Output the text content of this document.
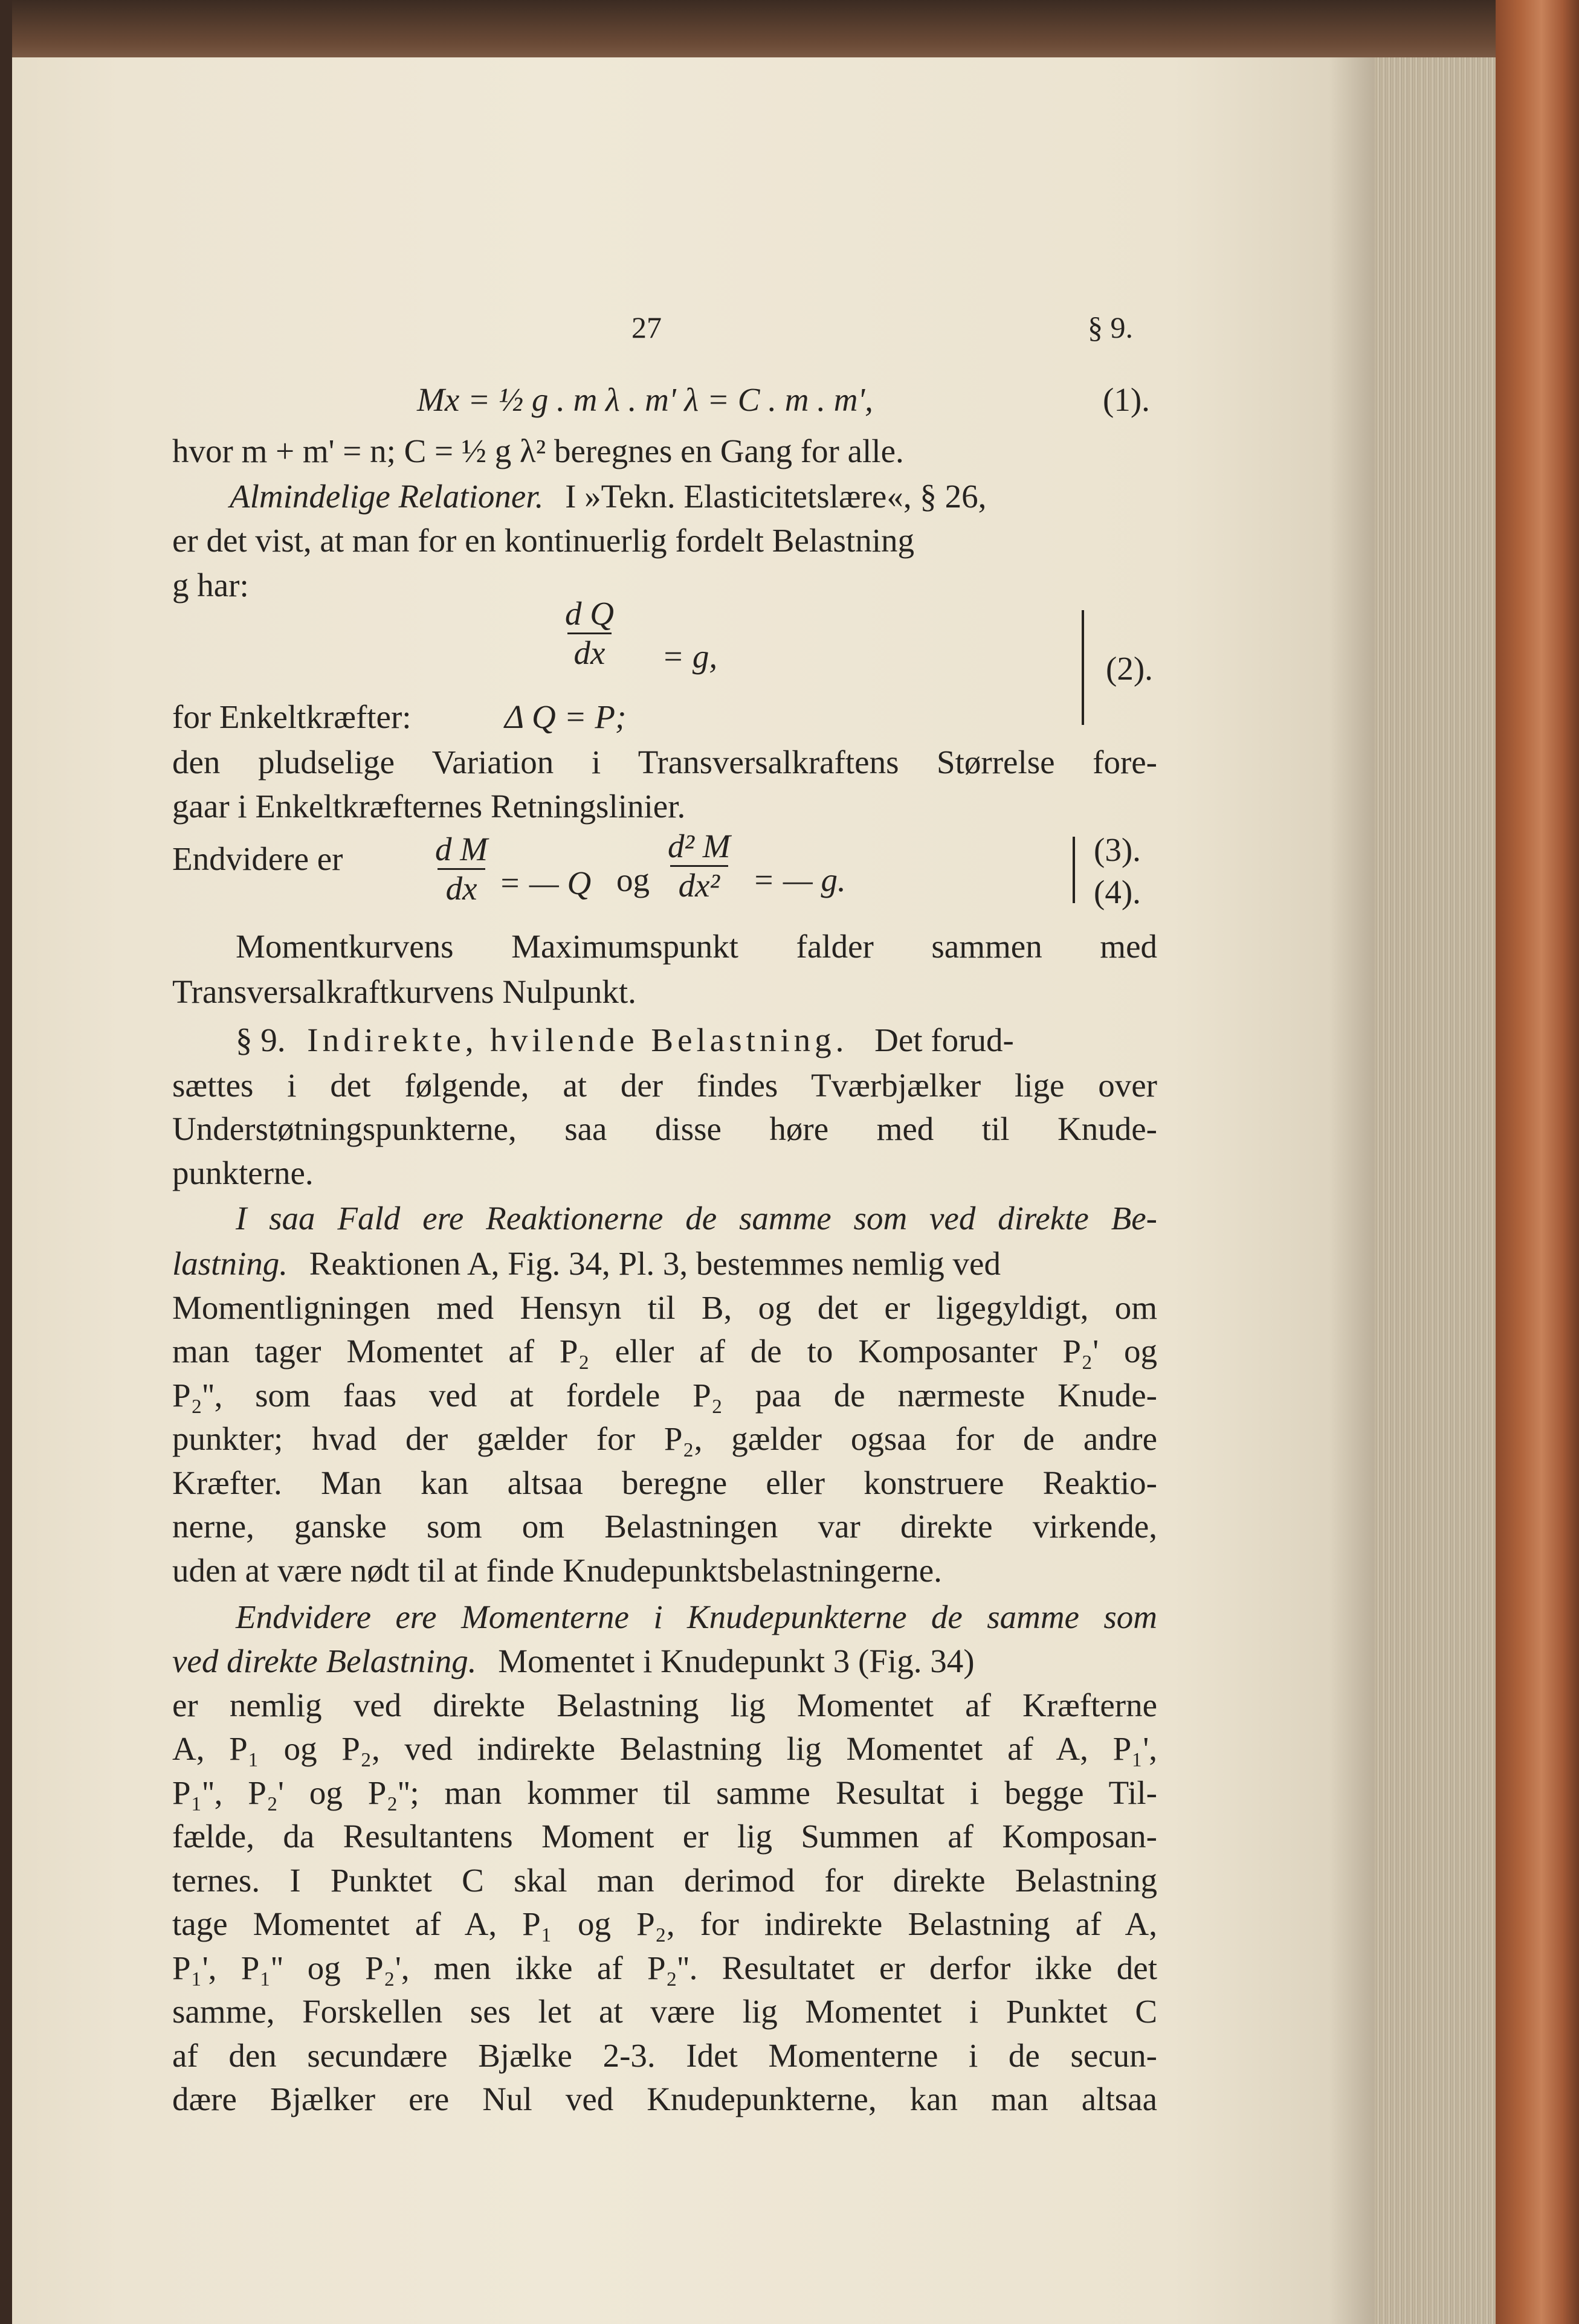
27	§ 9.
Mx = ½ g . m λ . m' λ = C . m . m',	(1).
hvor m + m' = n; C = ½ g λ² beregnes en Gang for alle.
Almindelige Relationer. I »Tekn. Elasticitetslære«, § 26,
er det vist, at man for en kontinuerlig fordelt Belastning
g har:
d Q
dx = g,
for Enkeltkræfter:	Δ Q = P;
(2).
den pludselige Variation i Transversalkraftens Størrelse fore-
gaar i Enkeltkræfternes Retningslinier.
Endvidere er	d M
dx = — Q og
d² M
dx² = — g.
(3).
(4).
Momentkurvens Maximumspunkt falder sammen med
Transversalkraftkurvens Nulpunkt.
§ 9. Indirekte, hvilende Belastning. Det forud-
sættes i det følgende, at der findes Tværbjælker lige over
Understøtningspunkterne, saa disse høre med til Knude-
punkterne.
I saa Fald ere Reaktionerne de samme som ved direkte Be-
lastning. Reaktionen A, Fig. 34, Pl. 3, bestemmes nemlig ved
Momentligningen med Hensyn til B, og det er ligegyldigt, om
man tager Momentet af P₂ eller af de to Komposanter P₂' og
P₂'', som faas ved at fordele P₂ paa de nærmeste Knude-
punkter; hvad der gælder for P₂, gælder ogsaa for de andre
Kræfter. Man kan altsaa beregne eller konstruere Reaktio-
nerne, ganske som om Belastningen var direkte virkende,
uden at være nødt til at finde Knudepunktsbelastningerne.
Endvidere ere Momenterne i Knudepunkterne de samme som
ved direkte Belastning. Momentet i Knudepunkt 3 (Fig. 34)
er nemlig ved direkte Belastning lig Momentet af Kræfterne
A, P₁ og P₂, ved indirekte Belastning lig Momentet af A, P₁',
P₁'', P₂' og P₂''; man kommer til samme Resultat i begge Til-
fælde, da Resultantens Moment er lig Summen af Komposan-
ternes. I Punktet C skal man derimod for direkte Belastning
tage Momentet af A, P₁ og P₂, for indirekte Belastning af A,
P₁', P₁'' og P₂', men ikke af P₂''. Resultatet er derfor ikke det
samme, Forskellen ses let at være lig Momentet i Punktet C
af den secundære Bjælke 2-3. Idet Momenterne i de secun-
dære Bjælker ere Nul ved Knudepunkterne, kan man altsaa
